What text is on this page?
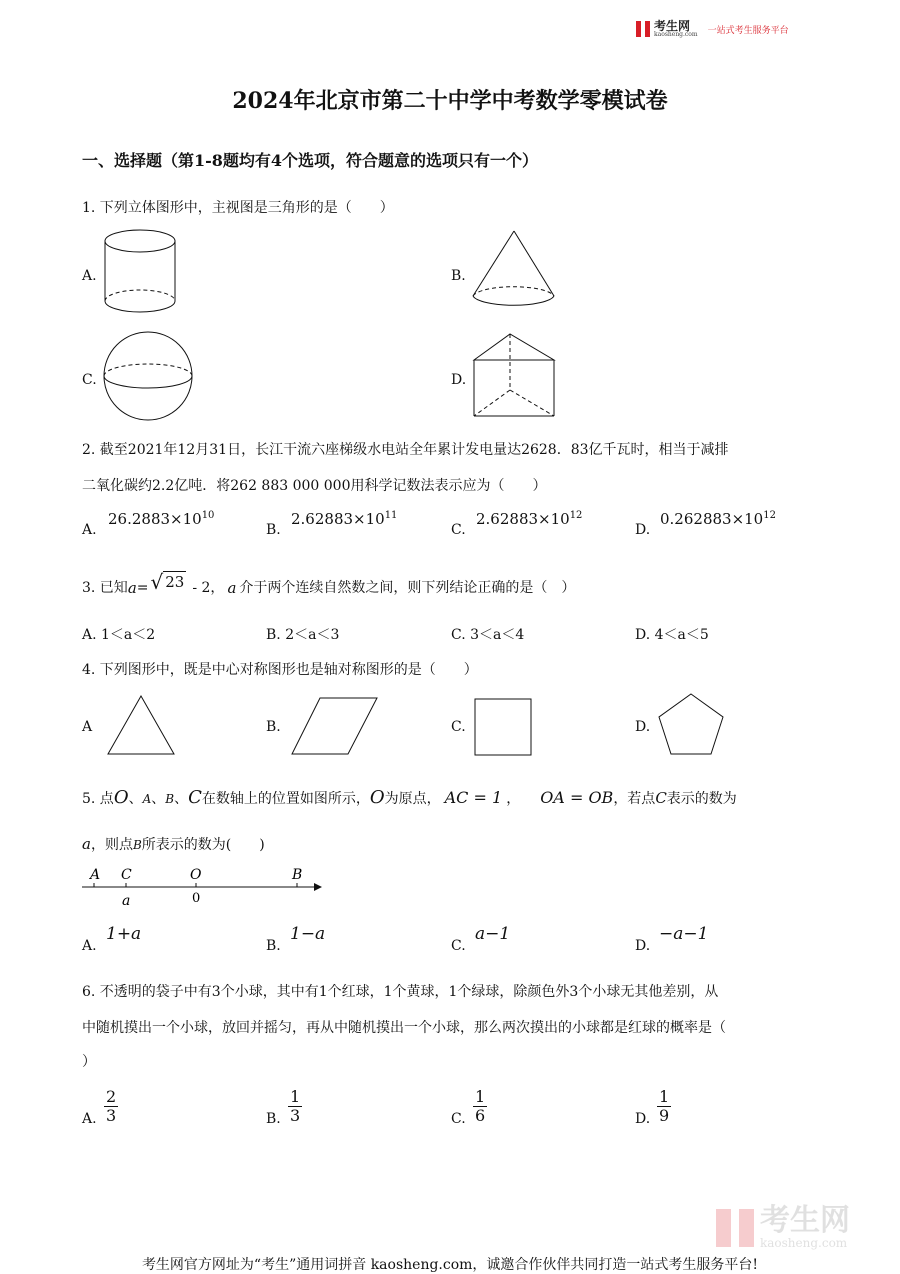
考生网
kaosheng.com 一站式考生服务平台
2024年北京市第二十中学中考数学零模试卷
一、选择题（第1-8题均有4个选项，符合题意的选项只有一个）
1. 下列立体图形中，主视图是三角形的是（　　）
A.	B.
C.	D.
2. 截至2021年12月31日，长江干流六座梯级水电站全年累计发电量达2628．83亿千瓦时，相当于减排
二氧化碳约2.2亿吨．将262 883 000 000用科学记数法表示应为（　　）
A.
$26.2883\times 10^{10}$
B.
$2.62883\times 10^{11}$
C.
$2.62883\times 10^{12}$
D.
$0.262883\times 10^{12}$
3. 已知 a = √ 23 - 2， a 介于两个连续自然数之间，则下列结论正确的是（　）
A. 1＜a＜2	B. 2＜a＜3	C. 3＜a＜4	D. 4＜a＜5
4. 下列图形中，既是中心对称图形也是轴对称图形的是（　　）
A	B.	C.	D.
5. 点O、A、B、C在数轴上的位置如图所示，O为原点， AC = 1 ， OA = OB，若点C表示的数为
a，则点B所表示的数为(　　)
A C	O	B
a	0
A.
1+a
B.
1−a
C.
a−1
D.
−a−1
6. 不透明的袋子中有3个小球，其中有1个红球，1个黄球，1个绿球，除颜色外3个小球无其他差别，从
中随机摸出一个小球，放回并摇匀，再从中随机摸出一个小球，那么两次摸出的小球都是红球的概率是（
）
A. $\frac{2}{3}$	B. $\frac{1}{3}$	C. $\frac{1}{6}$	D. $\frac{1}{9}$
考生网
kaosheng.com
考生网官方网址为“考生”通用词拼音 kaosheng.com，诚邀合作伙伴共同打造一站式考生服务平台!
